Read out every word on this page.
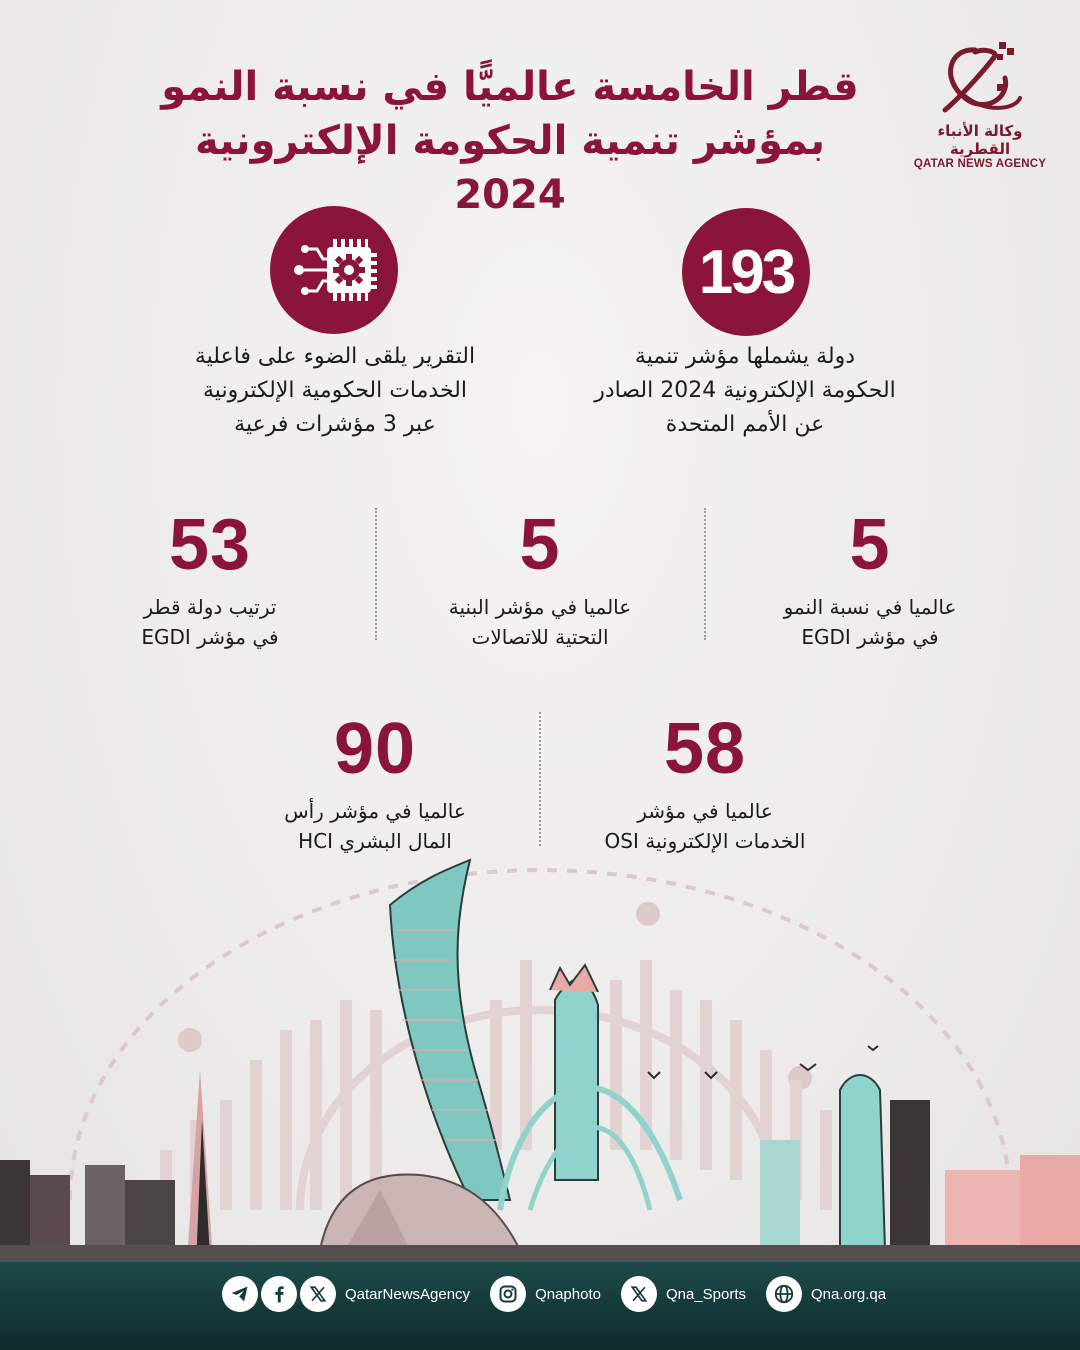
قطر الخامسة عالميًّا في نسبة النمو
بمؤشر تنمية الحكومة الإلكترونية 2024
وكالة الأنباء القطرية
QATAR NEWS AGENCY
193
دولة يشملها مؤشر تنمية
الحكومة الإلكترونية 2024 الصادر
عن الأمم المتحدة
التقرير يلقى الضوء على فاعلية
الخدمات الحكومية الإلكترونية
عبر 3 مؤشرات فرعية
5
عالميا في نسبة النمو
في مؤشر EGDI
5
عالميا في مؤشر البنية
التحتية للاتصالات
53
ترتيب دولة قطر
في مؤشر EGDI
58
عالميا في مؤشر
الخدمات الإلكترونية OSI
90
عالميا في مؤشر رأس
المال البشري HCI
QatarNewsAgency	Qnaphoto	Qna_Sports	Qna.org.qa
